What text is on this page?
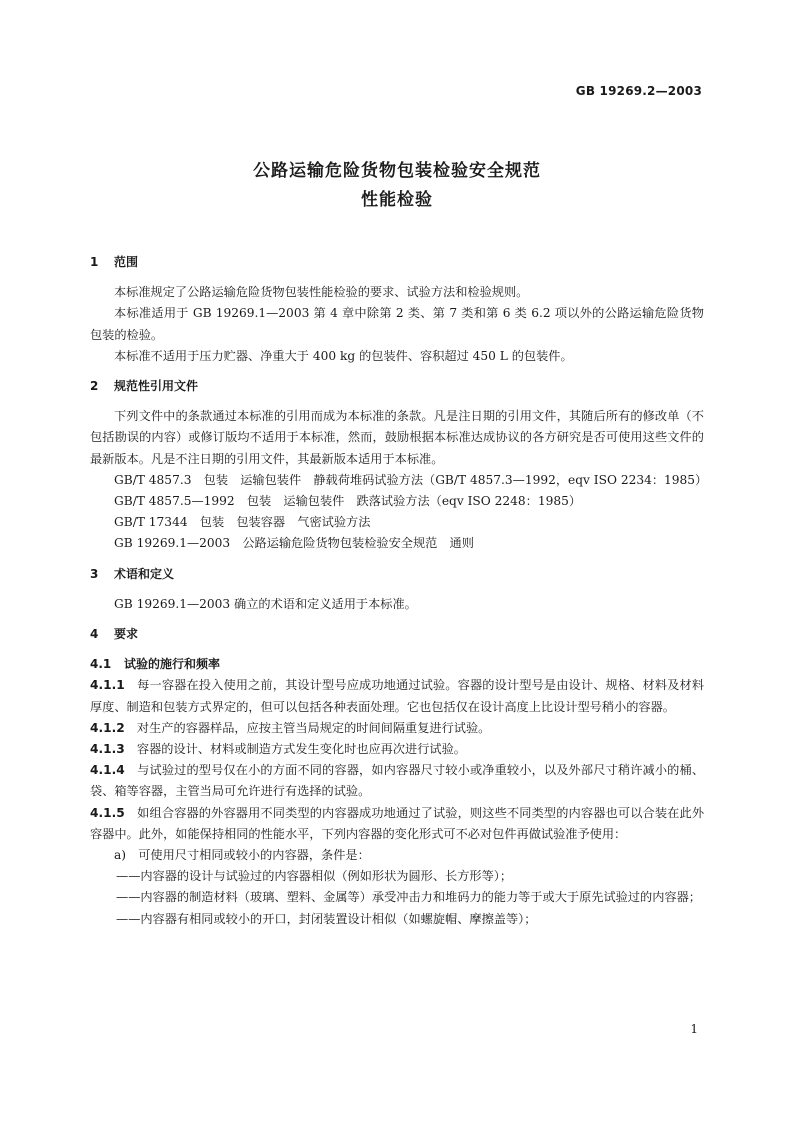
GB 19269.2—2003
公路运输危险货物包装检验安全规范
性能检验
1 范围

本标准规定了公路运输危险货物包装性能检验的要求、试验方法和检验规则。

本标准适用于 GB 19269.1—2003 第 4 章中除第 2 类、第 7 类和第 6 类 6.2 项以外的公路运输危险货物包装的检验。

本标准不适用于压力贮器、净重大于 400 kg 的包装件、容积超过 450 L 的包装件。

2 规范性引用文件

下列文件中的条款通过本标准的引用而成为本标准的条款。凡是注日期的引用文件，其随后所有的修改单（不包括勘误的内容）或修订版均不适用于本标准，然而，鼓励根据本标准达成协议的各方研究是否可使用这些文件的最新版本。凡是不注日期的引用文件，其最新版本适用于本标准。

GB/T 4857.3　包装　运输包装件　静载荷堆码试验方法（GB/T 4857.3—1992，eqv ISO 2234：1985）

GB/T 4857.5—1992　包装　运输包装件　跌落试验方法（eqv ISO 2248：1985）

GB/T 17344　包装　包装容器　气密试验方法

GB 19269.1—2003　公路运输危险货物包装检验安全规范　通则

3 术语和定义

GB 19269.1—2003 确立的术语和定义适用于本标准。

4 要求
4.1 试验的施行和频率

4.1.1　 每一容器在投入使用之前，其设计型号应成功地通过试验。容器的设计型号是由设计、规格、材料及材料厚度、制造和包装方式界定的，但可以包括各种表面处理。它也包括仅在设计高度上比设计型号稍小的容器。

4.1.2　 对生产的容器样品，应按主管当局规定的时间间隔重复进行试验。

4.1.3　 容器的设计、材料或制造方式发生变化时也应再次进行试验。

4.1.4　 与试验过的型号仅在小的方面不同的容器，如内容器尺寸较小或净重较小，以及外部尺寸稍许减小的桶、袋、箱等容器，主管当局可允许进行有选择的试验。

4.1.5　 如组合容器的外容器用不同类型的内容器成功地通过了试验，则这些不同类型的内容器也可以合装在此外容器中。此外，如能保持相同的性能水平，下列内容器的变化形式可不必对包件再做试验准予使用：

a)　可使用尺寸相同或较小的内容器，条件是：

——内容器的设计与试验过的内容器相似（例如形状为圆形、长方形等）；

——内容器的制造材料（玻璃、塑料、金属等）承受冲击力和堆码力的能力等于或大于原先试验过的内容器；

——内容器有相同或较小的开口，封闭装置设计相似（如螺旋帽、摩擦盖等）；

1
